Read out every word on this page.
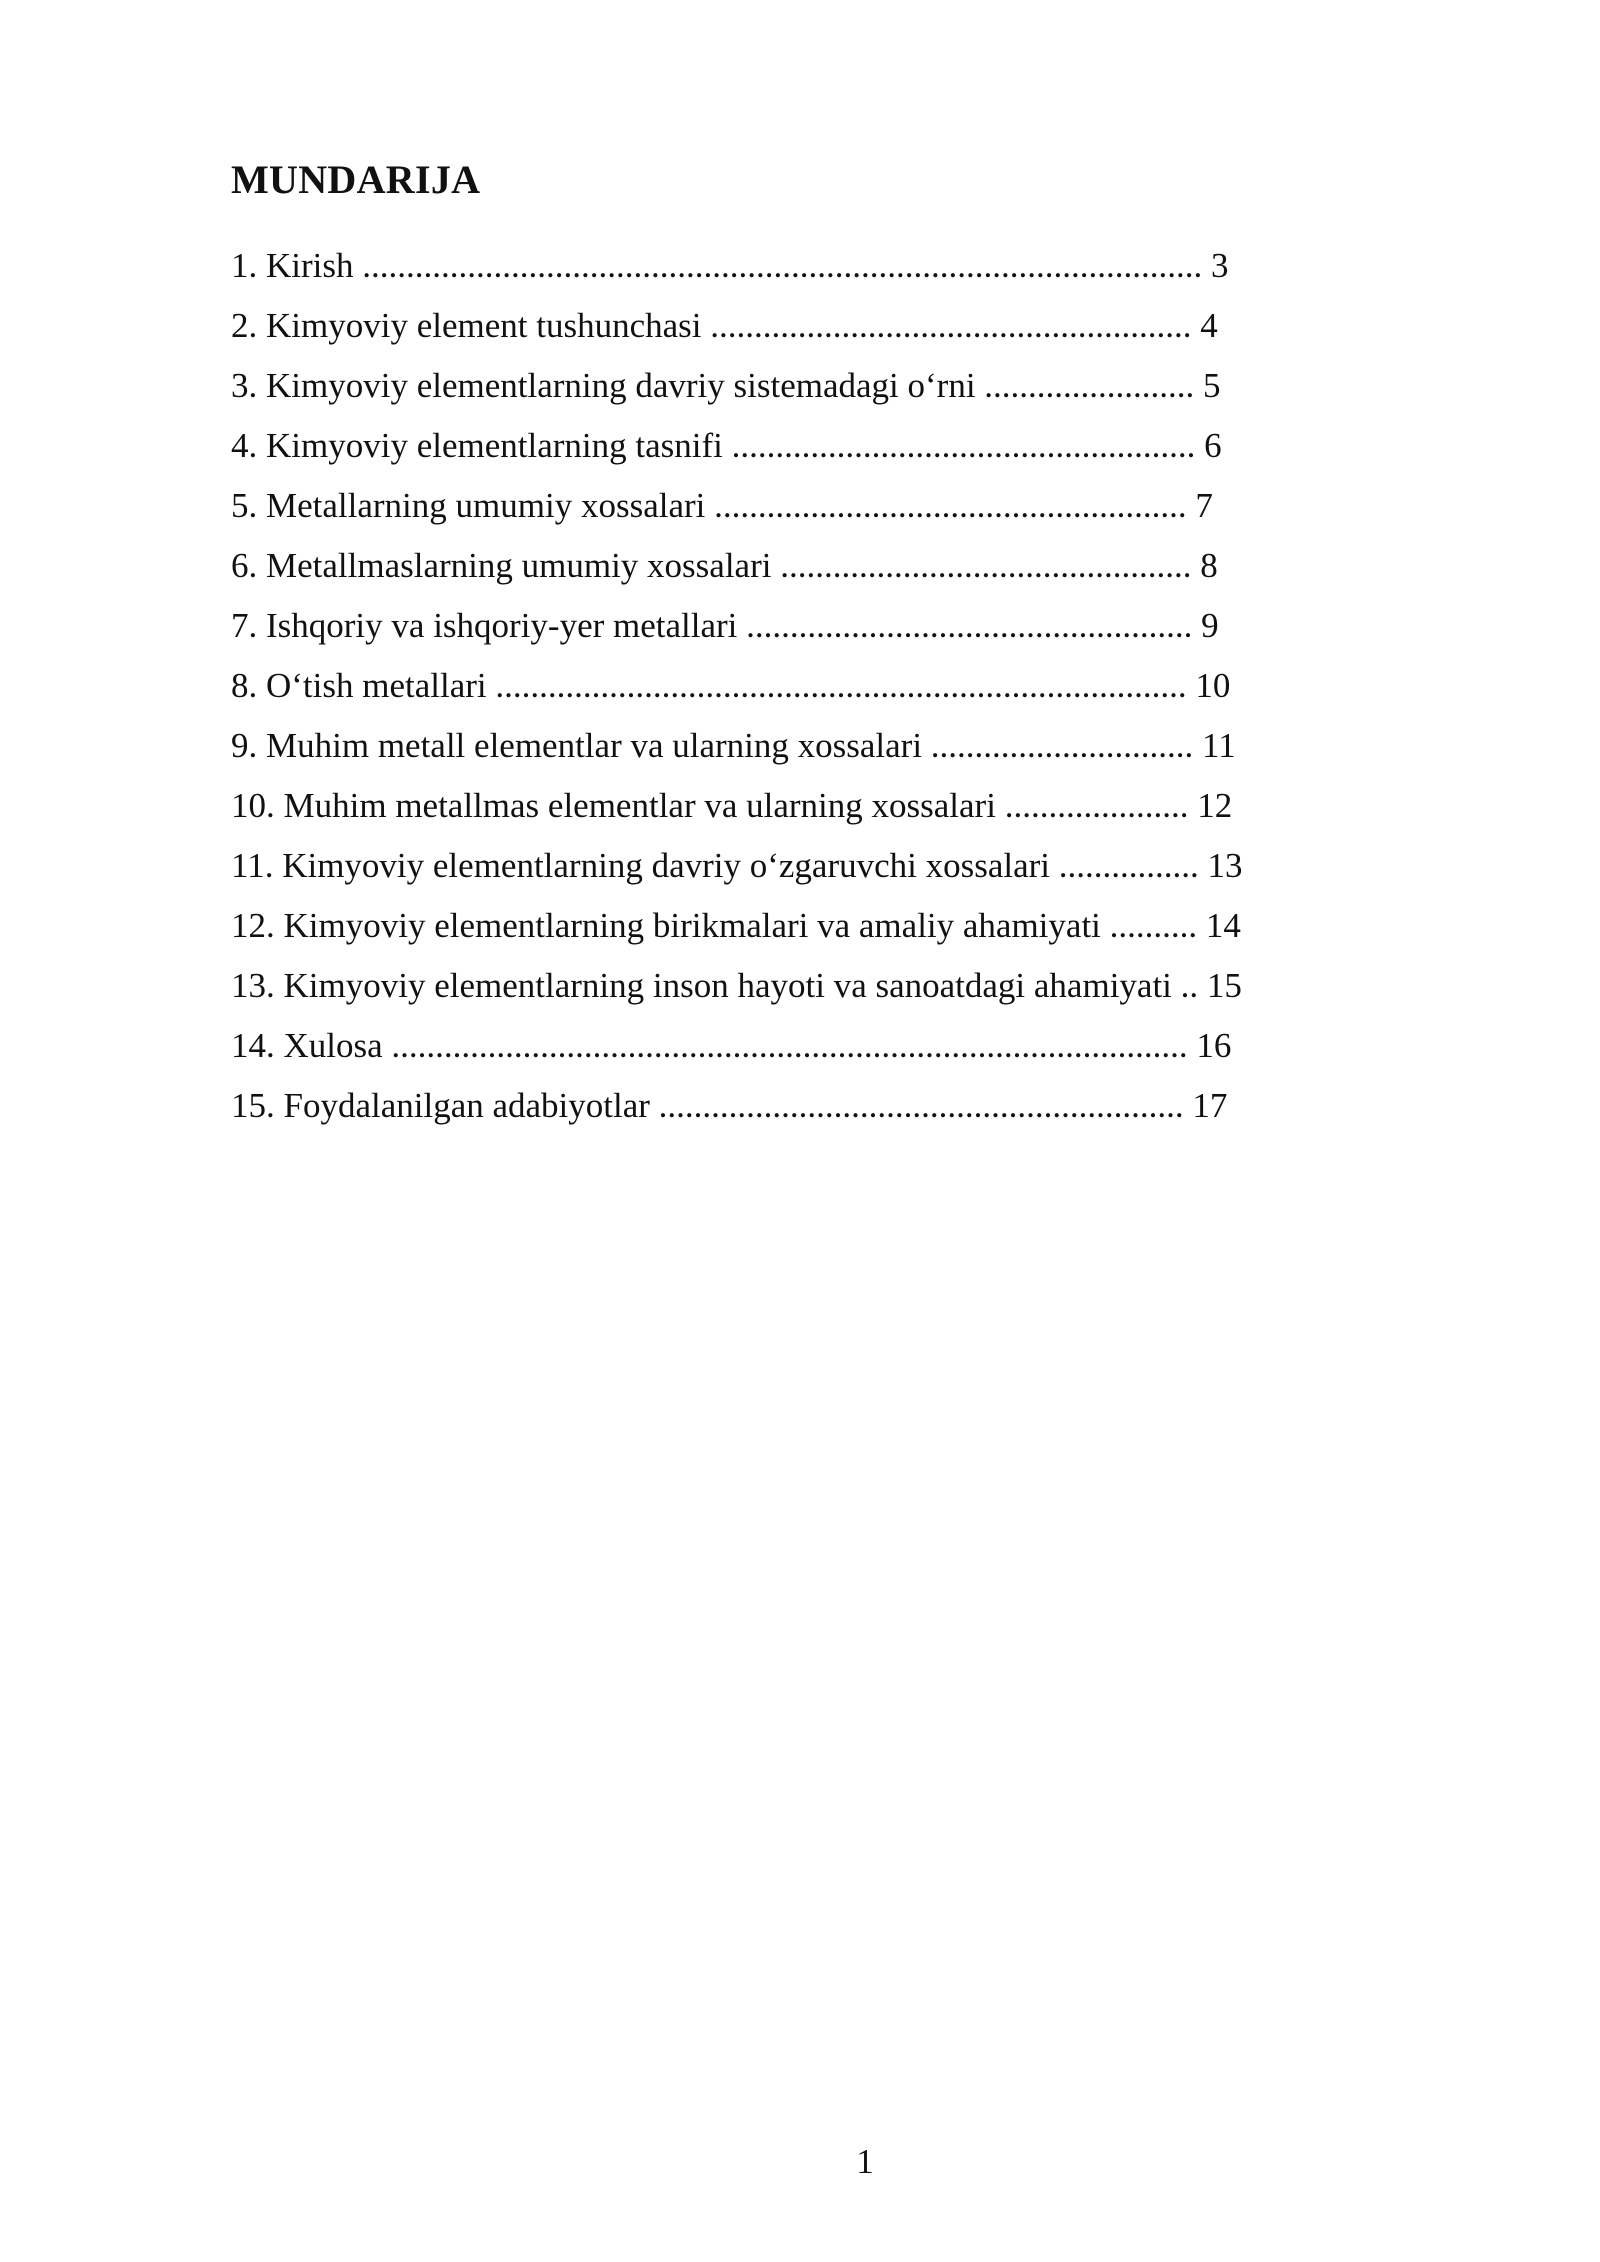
MUNDARIJA
1. Kirish ................................................................................................ 3
2. Kimyoviy element tushunchasi ....................................................... 4
3. Kimyoviy elementlarning davriy sistemadagi o‘rni ........................ 5
4. Kimyoviy elementlarning tasnifi ..................................................... 6
5. Metallarning umumiy xossalari ...................................................... 7
6. Metallmaslarning umumiy xossalari ............................................... 8
7. Ishqoriy va ishqoriy-yer metallari ................................................... 9
8. O‘tish metallari ............................................................................... 10
9. Muhim metall elementlar va ularning xossalari .............................. 11
10. Muhim metallmas elementlar va ularning xossalari ..................... 12
11. Kimyoviy elementlarning davriy o‘zgaruvchi xossalari ................ 13
12. Kimyoviy elementlarning birikmalari va amaliy ahamiyati .......... 14
13. Kimyoviy elementlarning inson hayoti va sanoatdagi ahamiyati .. 15
14. Xulosa ........................................................................................... 16
15. Foydalanilgan adabiyotlar ............................................................ 17
1
